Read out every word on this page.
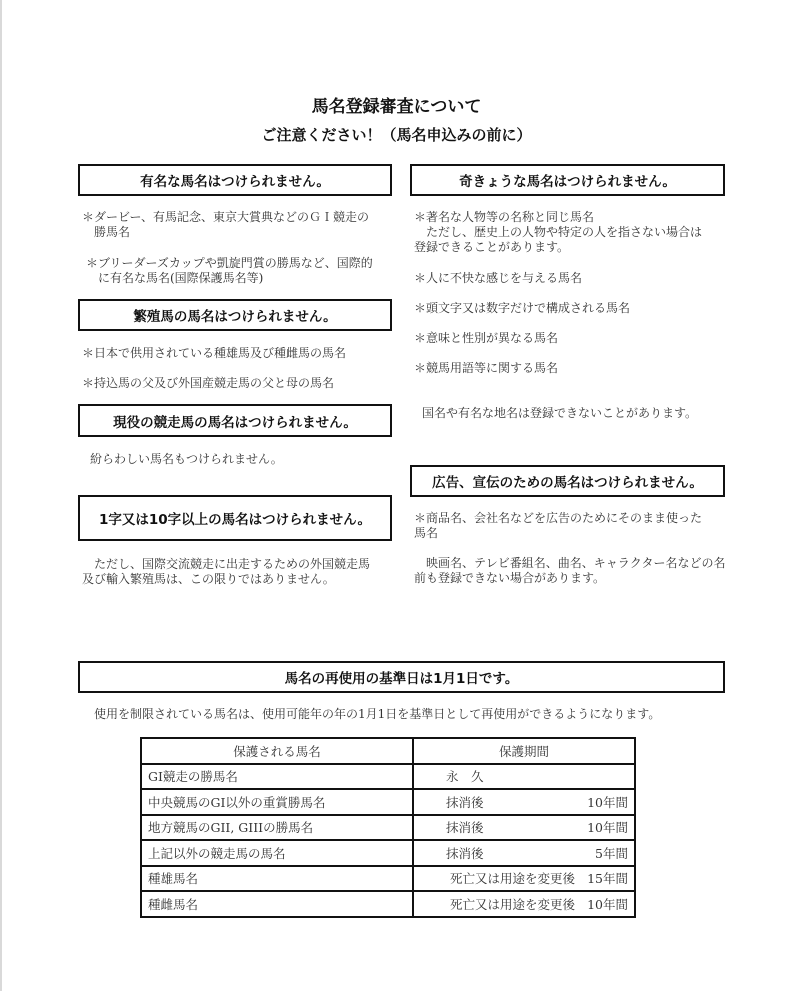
馬名登録審査について
ご注意ください！（馬名申込みの前に）
有名な馬名はつけられません。
＊ダービー、有馬記念、東京大賞典などのＧＩ競走の
勝馬名
＊ブリーダーズカップや凱旋門賞の勝馬など、国際的
に有名な馬名(国際保護馬名等)
繁殖馬の馬名はつけられません。
＊日本で供用されている種雄馬及び種雌馬の馬名
＊持込馬の父及び外国産競走馬の父と母の馬名
現役の競走馬の馬名はつけられません。
紛らわしい馬名もつけられません。
1字又は10字以上の馬名はつけられません。
ただし、国際交流競走に出走するための外国競走馬
及び輸入繁殖馬は、この限りではありません。
奇きょうな馬名はつけられません。
＊著名な人物等の名称と同じ馬名
ただし、歴史上の人物や特定の人を指さない場合は
登録できることがあります。
＊人に不快な感じを与える馬名
＊頭文字又は数字だけで構成される馬名
＊意味と性別が異なる馬名
＊競馬用語等に関する馬名
国名や有名な地名は登録できないことがあります。
広告、宣伝のための馬名はつけられません。
＊商品名、会社名などを広告のためにそのまま使った
馬名
映画名、テレビ番組名、曲名、キャラクター名などの名
前も登録できない場合があります。
馬名の再使用の基準日は1月1日です。
使用を制限されている馬名は、使用可能年の年の1月1日を基準日として再使用ができるようになります。
保護される馬名	保護期間
GI競走の勝馬名	永　久

中央競馬のGI以外の重賞勝馬名	抹消後 10年間

地方競馬のGII, GIIIの勝馬名	抹消後 10年間

上記以外の競走馬の馬名	抹消後 5年間

種雄馬名	死亡又は用途を変更後 15年間

種雌馬名	死亡又は用途を変更後 10年間
